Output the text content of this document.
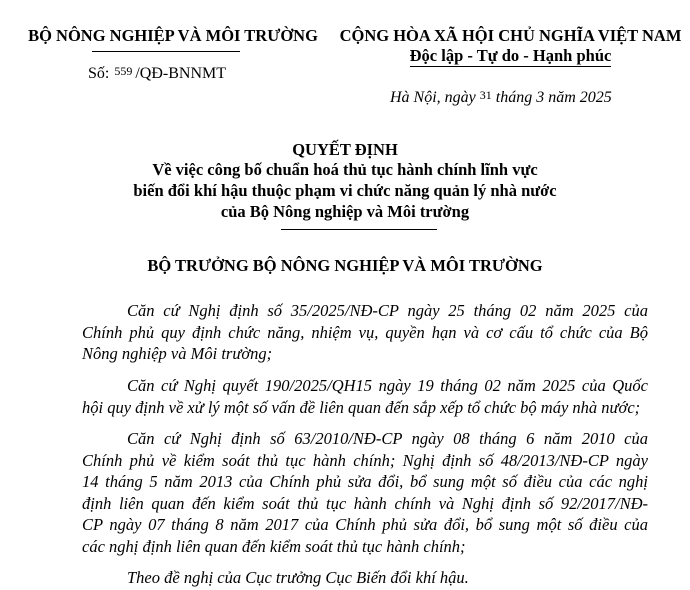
BỘ NÔNG NGHIỆP VÀ MÔI TRƯỜNG
Số: 559 /QĐ-BNNMT
CỘNG HÒA XÃ HỘI CHỦ NGHĨA VIỆT NAM
Độc lập - Tự do - Hạnh phúc
Hà Nội, ngày 31 tháng 3 năm 2025
QUYẾT ĐỊNH
Về việc công bố chuẩn hoá thủ tục hành chính lĩnh vực
biến đổi khí hậu thuộc phạm vi chức năng quản lý nhà nước
của Bộ Nông nghiệp và Môi trường
BỘ TRƯỞNG BỘ NÔNG NGHIỆP VÀ MÔI TRƯỜNG
Căn cứ Nghị định số 35/2025/NĐ-CP ngày 25 tháng 02 năm 2025 của
Chính phủ quy định chức năng, nhiệm vụ, quyền hạn và cơ cấu tổ chức của Bộ
Nông nghiệp và Môi trường;
Căn cứ Nghị quyết 190/2025/QH15 ngày 19 tháng 02 năm 2025 của Quốc
hội quy định về xử lý một số vấn đề liên quan đến sắp xếp tổ chức bộ máy nhà nước;
Căn cứ Nghị định số 63/2010/NĐ-CP ngày 08 tháng 6 năm 2010 của
Chính phủ về kiểm soát thủ tục hành chính; Nghị định số 48/2013/NĐ-CP ngày
14 tháng 5 năm 2013 của Chính phủ sửa đổi, bổ sung một số điều của các nghị
định liên quan đến kiểm soát thủ tục hành chính và Nghị định số 92/2017/NĐ-
CP ngày 07 tháng 8 năm 2017 của Chính phủ sửa đổi, bổ sung một số điều của
các nghị định liên quan đến kiểm soát thủ tục hành chính;
Theo đề nghị của Cục trưởng Cục Biến đổi khí hậu.
